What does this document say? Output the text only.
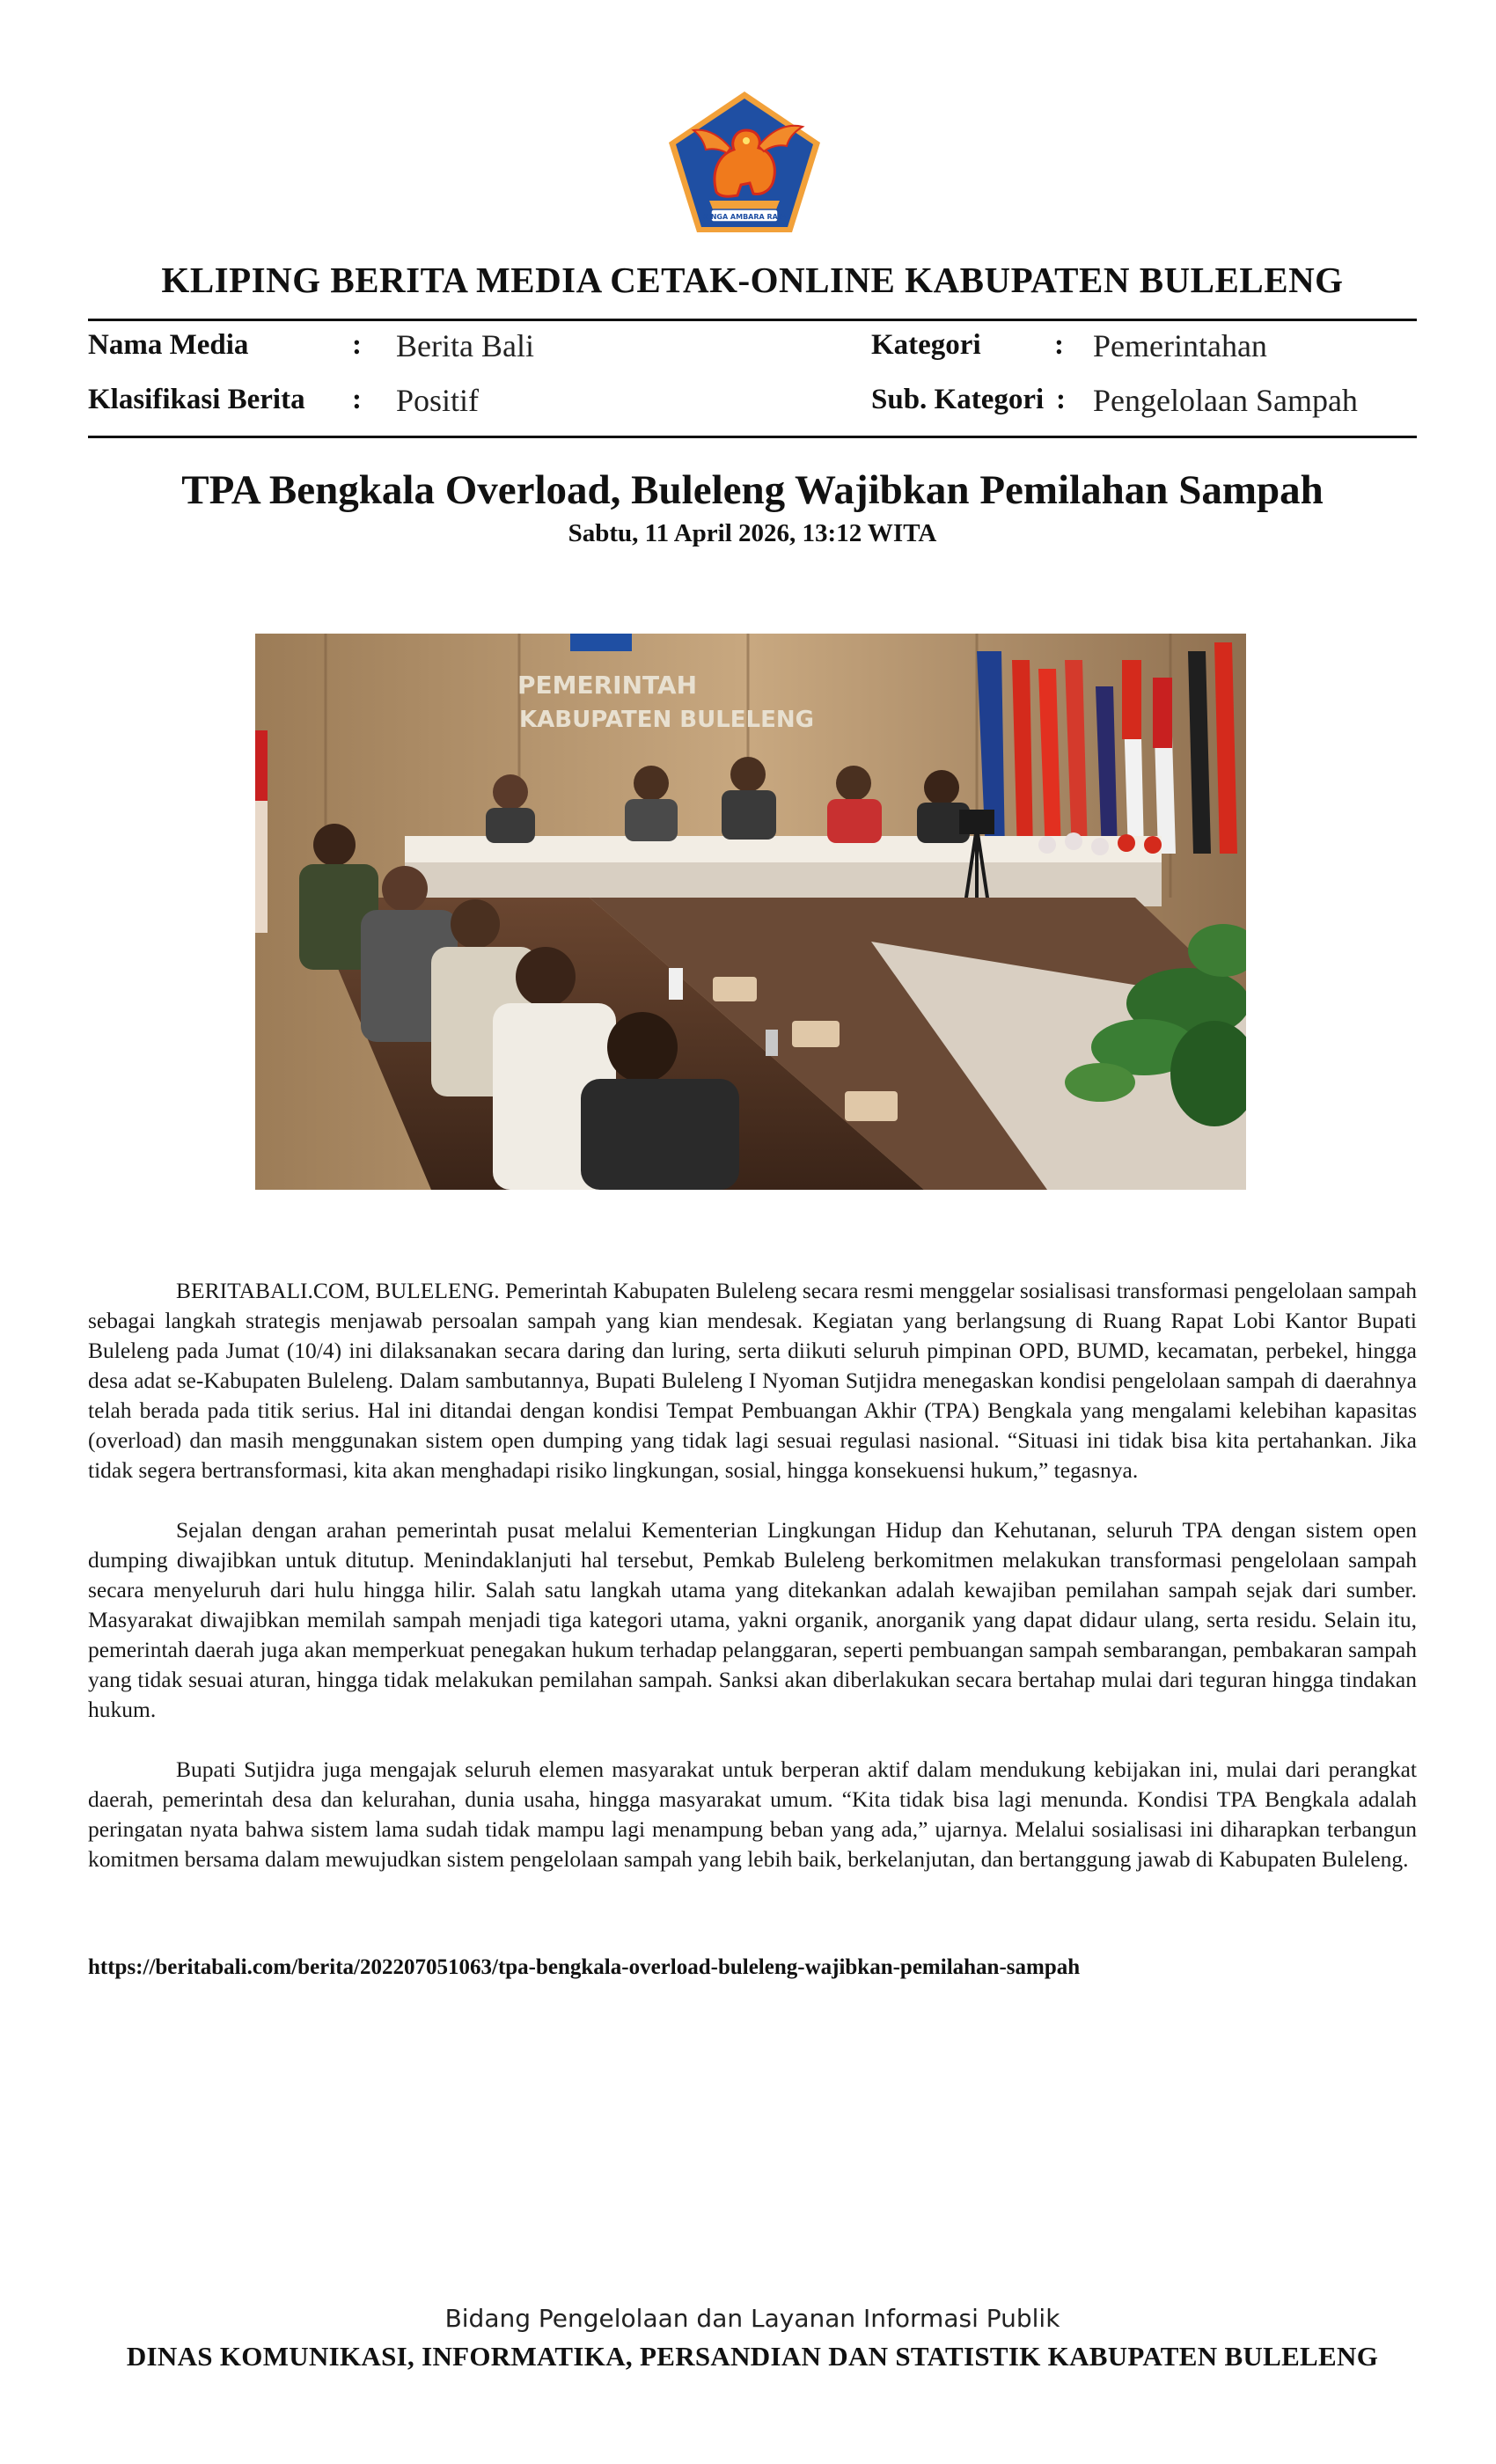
SINGA AMBARA RAJA
KLIPING BERITA MEDIA CETAK-ONLINE KABUPATEN BULELENG
Nama Media	: Berita Bali	Kategori	: Pemerintahan
Klasifikasi Berita : Positif	Sub. Kategori : Pengelolaan Sampah
TPA Bengkala Overload, Buleleng Wajibkan Pemilahan Sampah
Sabtu, 11 April 2026, 13:12 WITA
PEMERINTAH
KABUPATEN BULELENG

BERITABALI.COM, BULELENG. Pemerintah Kabupaten Buleleng secara resmi menggelar sosialisasi transformasi pengelolaan sampah sebagai langkah strategis menjawab persoalan sampah yang kian mendesak. Kegiatan yang berlangsung di Ruang Rapat Lobi Kantor Bupati Buleleng pada Jumat (10/4) ini dilaksanakan secara daring dan luring, serta diikuti seluruh pimpinan OPD, BUMD, kecamatan, perbekel, hingga desa adat se-Kabupaten Buleleng. Dalam sambutannya, Bupati Buleleng I Nyoman Sutjidra menegaskan kondisi pengelolaan sampah di daerahnya telah berada pada titik serius. Hal ini ditandai dengan kondisi Tempat Pembuangan Akhir (TPA) Bengkala yang mengalami kelebihan kapasitas (overload) dan masih menggunakan sistem open dumping yang tidak lagi sesuai regulasi nasional. “Situasi ini tidak bisa kita pertahankan. Jika tidak segera bertransformasi, kita akan menghadapi risiko lingkungan, sosial, hingga konsekuensi hukum,” tegasnya.

Sejalan dengan arahan pemerintah pusat melalui Kementerian Lingkungan Hidup dan Kehutanan, seluruh TPA dengan sistem open dumping diwajibkan untuk ditutup. Menindaklanjuti hal tersebut, Pemkab Buleleng berkomitmen melakukan transformasi pengelolaan sampah secara menyeluruh dari hulu hingga hilir. Salah satu langkah utama yang ditekankan adalah kewajiban pemilahan sampah sejak dari sumber. Masyarakat diwajibkan memilah sampah menjadi tiga kategori utama, yakni organik, anorganik yang dapat didaur ulang, serta residu. Selain itu, pemerintah daerah juga akan memperkuat penegakan hukum terhadap pelanggaran, seperti pembuangan sampah sembarangan, pembakaran sampah yang tidak sesuai aturan, hingga tidak melakukan pemilahan sampah. Sanksi akan diberlakukan secara bertahap mulai dari teguran hingga tindakan hukum.

Bupati Sutjidra juga mengajak seluruh elemen masyarakat untuk berperan aktif dalam mendukung kebijakan ini, mulai dari perangkat daerah, pemerintah desa dan kelurahan, dunia usaha, hingga masyarakat umum. “Kita tidak bisa lagi menunda. Kondisi TPA Bengkala adalah peringatan nyata bahwa sistem lama sudah tidak mampu lagi menampung beban yang ada,” ujarnya. Melalui sosialisasi ini diharapkan terbangun komitmen bersama dalam mewujudkan sistem pengelolaan sampah yang lebih baik, berkelanjutan, dan bertanggung jawab di Kabupaten Buleleng.

https://beritabali.com/berita/202207051063/tpa-bengkala-overload-buleleng-wajibkan-pemilahan-sampah
Bidang Pengelolaan dan Layanan Informasi Publik
DINAS KOMUNIKASI, INFORMATIKA, PERSANDIAN DAN STATISTIK KABUPATEN BULELENG
